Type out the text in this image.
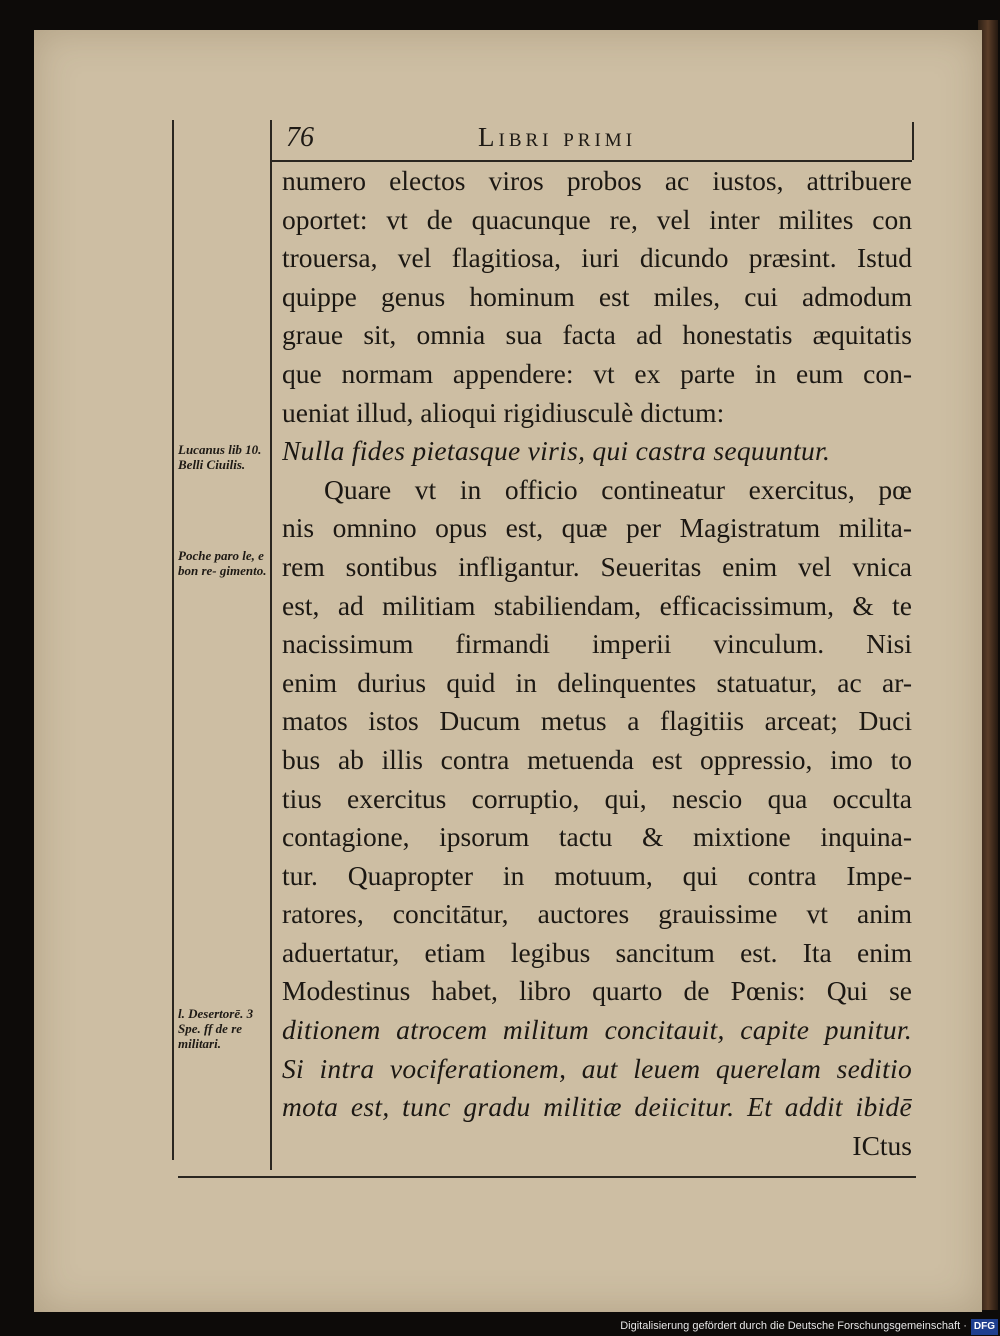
76	Libri primi
Lucanus lib 10. Belli Ciuilis.
Poche paro le, e bon re- gimento.
l. Desertorē. 3 Spe. ff de re militari.
numero electos viros probos ac iustos, attribuere
oportet: vt de quacunque re, vel inter milites con
trouersa, vel flagitiosa, iuri dicundo præsint. Istud
quippe genus hominum est miles, cui admodum
graue sit, omnia sua facta ad honestatis æquitatis
que normam appendere: vt ex parte in eum con-
ueniat illud, alioqui rigidiusculè dictum:
Nulla fides pietasque viris, qui castra sequuntur.
Quare vt in officio contineatur exercitus, pœ
nis omnino opus est, quæ per Magistratum milita-
rem sontibus infligantur. Seueritas enim vel vnica
est, ad militiam stabiliendam, efficacissimum, & te
nacissimum firmandi imperii vinculum. Nisi
enim durius quid in delinquentes statuatur, ac ar-
matos istos Ducum metus a flagitiis arceat; Duci
bus ab illis contra metuenda est oppressio, imo to
tius exercitus corruptio, qui, nescio qua occulta
contagione, ipsorum tactu & mixtione inquina-
tur. Quapropter in motuum, qui contra Impe-
ratores, concitātur, auctores grauissime vt anim
aduertatur, etiam legibus sancitum est. Ita enim
Modestinus habet, libro quarto de Pœnis: Qui se
ditionem atrocem militum concitauit, capite punitur.
Si intra vociferationem, aut leuem querelam seditio
mota est, tunc gradu militiæ deiicitur. Et addit ibidē
ICtus
Digitalisierung gefördert durch die Deutsche Forschungsgemeinschaft · DFG
